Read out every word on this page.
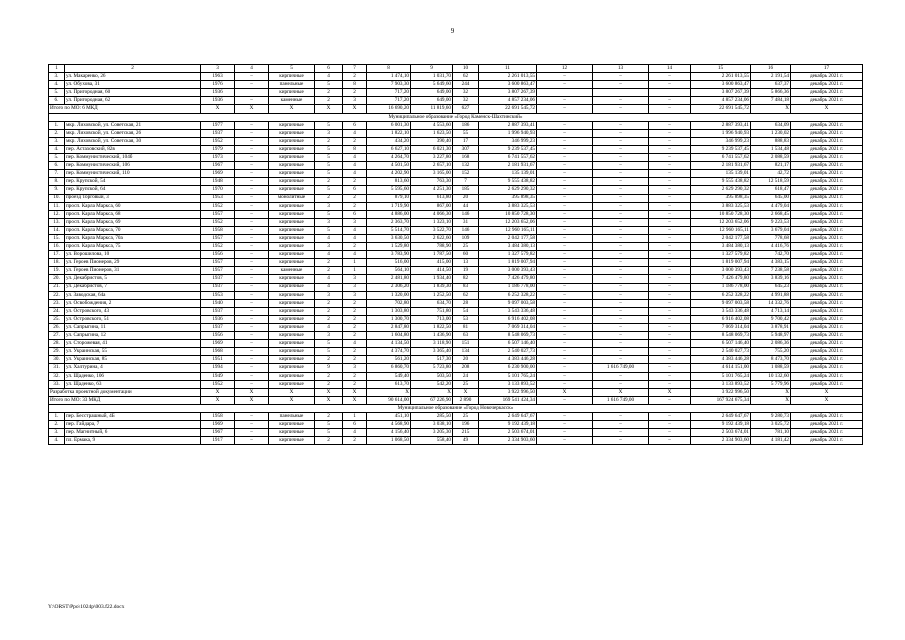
9
1	2	3	4	5	6	7	8	9	10	11	12	13	14	15	16	17
3.	ул. Макаренко, 26	1963	–	кирпичные	4	2	1 474,10	1 031,70	62	2 261 013,55	–	–	–	2 261 013,55	2 191,54	декабрь 2021 г.
4.	ул. Обухова, 31	1976	–	панельные	5	8	7 903,30	5 649,60	244	3 600 863,47	–	–	–	3 600 863,47	637,37	декабрь 2021 г.
5.	ул. Пригородная, 60	1936		кирпичные	2	2	717,20	649,00	32	3 807 267,39				3 807 267,39	5 866,36	декабрь 2021 г.
6.	ул. Пригородная, 62	1936	–	каменные	2	3	717,20	649,00	32	4 857 234,06	–	–	–	4 857 234,06	7 484,18	декабрь 2021 г.
Итого по МО: 6 МКД		X	X	X	X	X	16 690,20	11 819,60	627	22 691 545,72	–	–	–	22 691 545,72	X	X
Муниципальное образование «Город Каменск-Шахтинский»																
1.	мкр. Лиховской, ул. Советская, 21	1977	–	кирпичные	5	6	6 001,30	4 553,60	186	2 887 393,41	–	–	–	2 887 393,41	634,09	декабрь 2021 г.
2.	мкр. Лиховской, ул. Советская, 26	1937	–	кирпичные	3	4	1 822,10	1 623,50	55	1 996 940,93	–	–	–	1 996 940,93	1 230,02	декабрь 2021 г.
3.	мкр. Лиховской, ул. Советская, 30	1952	–	кирпичные	2	2	434,20	390,40	17	346 999,23	–	–	–	346 999,23	888,83	декабрь 2021 г.
4.	пер. Астаховский, 82в	1979	–	кирпичные	5	8	6 627,10	6 021,30	307	9 239 537,45	–	–	–	9 239 537,45	1 534,48	декабрь 2021 г.
5.	пер. Коммунистический, 104б	1973	–	кирпичные	5	4	4 264,70	3 227,80	168	6 741 557,62	–	–	–	6 741 557,62	2 088,59	декабрь 2021 г.
6.	пер. Коммунистический, 106	1967	–	кирпичные	5	4	4 501,50	2 657,10	132	2 181 931,67	–	–	–	2 181 931,67	821,17	декабрь 2021 г.
7.	пер. Коммунистический, 110	1969	–	кирпичные	5	4	4 202,90	3 165,00	152	135 139,01	–	–	–	135 139,01	42,72	декабрь 2021 г.
8.	пер. Крупской, 54	1948	–	кирпичные	2	2	813,60	763,30	7	9 555 438,82	–	–	–	9 555 438,82	12 518,59	декабрь 2021 г.
9.	пер. Крупской, 64	1970	–	кирпичные	5	6	5 595,60	4 251,30	185	2 629 290,32	–	–	–	2 629 290,32	618,47	декабрь 2021 г.
10.	проезд Торговый, 3	1953	–	монолитные	2	2	879,10	613,80	20	395 898,35	–	–	–	395 898,35	645,00	декабрь 2021 г.
11.	просп. Карла Маркса, 60	1952	–	кирпичные	3	2	1 719,90	867,00	44	3 883 325,53	–	–	–	3 883 325,53	4 479,04	декабрь 2021 г.
12.	просп. Карла Маркса, 68	1957	–	кирпичные	5	6	4 886,00	4 066,30	146	10 850 728,30	–	–	–	10 850 728,30	2 668,45	декабрь 2021 г.
13.	просп. Карла Маркса, 69	1952	–	кирпичные	3	3	2 363,70	1 323,10	31	12 203 652,06	–	–	–	12 203 652,06	9 223,53	декабрь 2021 г.
14.	просп. Карла Маркса, 70	1958	–	кирпичные	5	4	5 514,70	3 522,70	146	12 960 165,11	–	–	–	12 960 165,11	3 679,04	декабрь 2021 г.
15.	просп. Карла Маркса, 70а	1957	–	кирпичные	4	4	3 630,50	2 622,60	109	2 042 177,58	–	–	–	2 042 177,58	778,68	декабрь 2021 г.
16.	просп. Карла Маркса, 75	1952	–	кирпичные	3	2	1 529,80	788,90	25	3 484 380,13	–	–	–	3 484 380,13	4 416,76	декабрь 2021 г.
17.	ул. Ворошилова, 10	1956	–	кирпичные	4	4	3 783,90	1 787,50	60	1 327 579,82	–	–	–	1 327 579,82	742,70	декабрь 2021 г.
18.	ул. Героев Пионеров, 29	1957	–	кирпичные	2	1	516,00	415,00	13	1 819 007,94	–	–	–	1 819 007,94	4 383,15	декабрь 2021 г.
19.	ул. Героев Пионеров, 31	1957	–	каменные	2	1	564,10	414,50	19	3 000 393,43	–	–	–	3 000 393,43	7 238,58	декабрь 2021 г.
20.	ул. Декабристов, 5	1937	–	кирпичные	4	3	2 481,80	1 934,40	82	7 426 479,80	–	–	–	7 426 479,80	3 839,16	декабрь 2021 г.
21.	ул. Декабристов, 7	1937	–	кирпичные	4	3	2 306,20	1 839,30	83	1 186 778,00	–	–	–	1 186 778,00	645,23	декабрь 2021 г.
22.	ул. Заводская, 64а	1953	–	кирпичные	3	3	1 320,00	1 252,50	62	6 252 328,22	–	–	–	6 252 328,22	4 991,88	декабрь 2021 г.
23.	ул. Освобождения, 2	1940	–	кирпичные	2	2	702,80	634,70	28	9 097 003,58	–	–	–	9 097 003,58	14 332,76	декабрь 2021 г.
24.	ул. Островского, 43	1937	–	кирпичные	2	2	1 303,80	751,80	54	3 543 336,48	–	–	–	3 543 336,48	4 713,14	декабрь 2021 г.
25.	ул. Островского, 51	1936	–	кирпичные	2	2	1 300,70	713,00	53	6 916 402,08	–	–	–	6 916 402,08	9 700,42	декабрь 2021 г.
26.	ул. Сапрыгина, 11	1937	–	кирпичные	4	2	2 847,80	1 822,50	81	7 069 314,04	–	–	–	7 069 314,04	3 878,91	декабрь 2021 г.
27.	ул. Сапрыгина, 12	1956	–	кирпичные	3	2	1 604,80	1 436,90	63	8 548 069,73	–	–	–	8 548 069,73	5 948,97	декабрь 2021 г.
28.	ул. Сторожевая, 41	1969	–	кирпичные	5	4	4 134,50	3 118,90	151	6 507 146,40	–	–	–	6 507 146,40	2 086,36	декабрь 2021 г.
29.	ул. Украинская, 55	1968	–	кирпичные	5	2	4 374,70	3 365,40	134	2 540 027,73	–	–	–	2 540 027,73	755,20	декабрь 2021 г.
30.	ул. Украинская, 85	1951	–	кирпичные	2	2	561,20	517,30	20	4 383 446,28	–	–	–	4 383 446,28	8 473,70	декабрь 2021 г.
31.	ул. Халтурина, 4	1994	–	кирпичные	9	3	6 860,70	5 723,80	208	6 230 900,00	–	1 616 749,00	–	4 614 151,00	1 088,59	декабрь 2021 г.
32.	ул. Щаденко, 106	1949	–	кирпичные	2	2	549,40	503,50	24	5 101 765,24	–	–	–	5 101 765,24	10 132,60	декабрь 2021 г.
33.	ул. Щаденко, 63	1952	–	кирпичные	2	2	613,70	542,20	25	3 133 893,52	–	–	–	3 133 893,52	5 779,96	декабрь 2021 г.
Разработка проектной документации		X	X	X	X	X	X	X	X	3 922 996,50	X	X	X	3 922 996,50	X	X
Итого по МО: 33 МКД		X	X	X	X	X	90 614,00	67 226,90	2 890	169 541 424,34	–	1 616 749,00	–	167 924 675,34	X	X
Муниципальное образование «Город Новочеркасск»																
1.	пер. Бесстрашный, 4Б	1958	–	панельные	2	1	451,10	285,50	25	2 649 647,67	–	–	–	2 649 647,67	9 280,73	декабрь 2021 г.
2.	пер. Гайдара, 7	1969	–	кирпичные	5	6	4 568,90	3 038,10	196	9 192 439,18	–	–	–	9 192 439,18	3 025,72	декабрь 2021 г.
3.	пер. Магнитный, 6	1967	–	кирпичные	5	4	4 156,40	3 205,30	215	2 503 674,01	–	–	–	2 503 674,01	781,10	декабрь 2021 г.
4.	пл. Ермака, 9	1917	–	кирпичные	2	2	1 068,50	558,40	49	2 334 903,60	–	–	–	2 334 903,60	4 181,42	декабрь 2021 г.
Y:\ORST\Ppo\1024p\003.f22.docx
